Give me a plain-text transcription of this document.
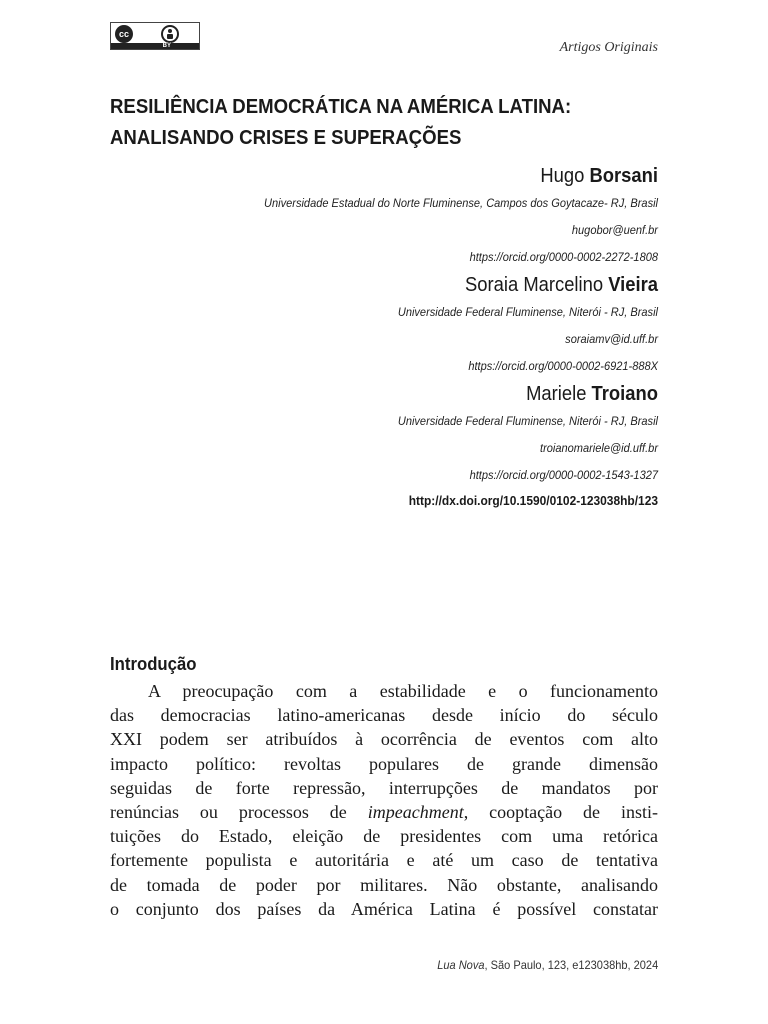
cc
BY	Artigos Originais
RESILIÊNCIA DEMOCRÁTICA NA AMÉRICA LATINA:
ANALISANDO CRISES E SUPERAÇÕES

Hugo Borsani

Universidade Estadual do Norte Fluminense, Campos dos Goytacaze- RJ, Brasil

hugobor@uenf.br

https://orcid.org/0000-0002-2272-1808

Soraia Marcelino Vieira

Universidade Federal Fluminense, Niterói - RJ, Brasil

soraiamv@id.uff.br

https://orcid.org/0000-0002-6921-888X

Mariele Troiano

Universidade Federal Fluminense, Niterói - RJ, Brasil

troianomariele@id.uff.br

https://orcid.org/0000-0002-1543-1327

http://dx.doi.org/10.1590/0102-123038hb/123

Introdução
A preocupação com a estabilidade e o funcionamento
das democracias latino-americanas desde início do século
XXI podem ser atribuídos à ocorrência de eventos com alto
impacto político: revoltas populares de grande dimensão
seguidas de forte repressão, interrupções de mandatos por
renúncias ou processos de impeachment, cooptação de insti-
tuições do Estado, eleição de presidentes com uma retórica
fortemente populista e autoritária e até um caso de tentativa
de tomada de poder por militares. Não obstante, analisando
o conjunto dos países da América Latina é possível constatar
Lua Nova, São Paulo, 123, e123038hb, 2024
